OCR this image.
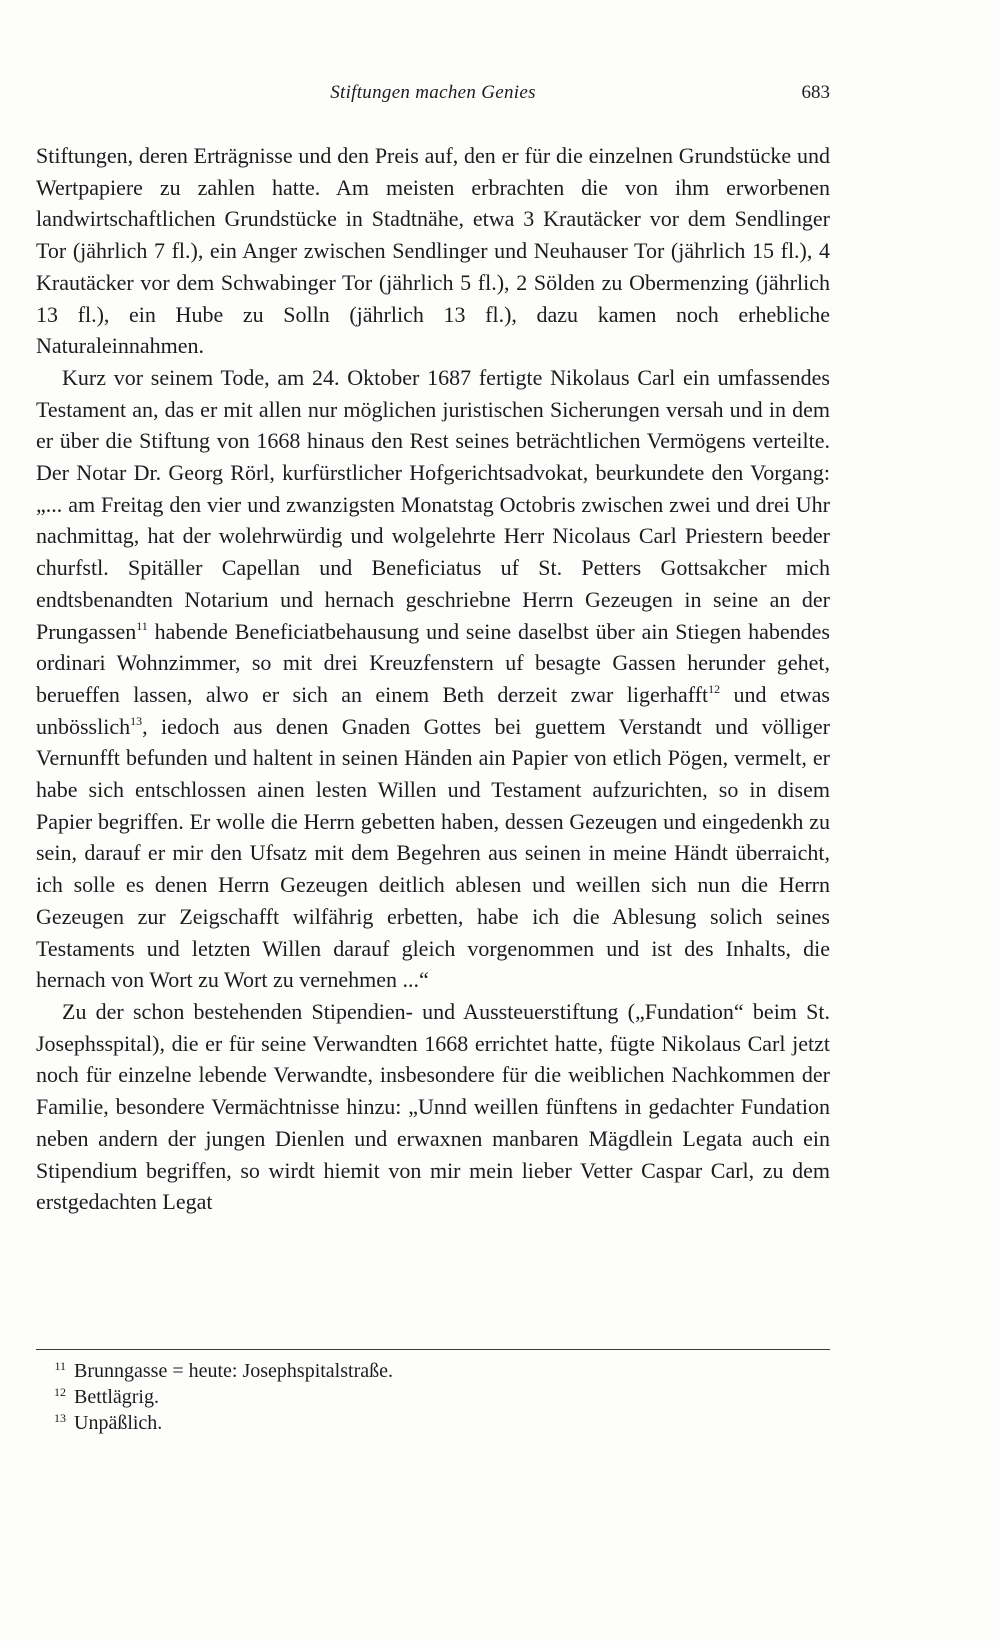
Stiftungen machen Genies	683

Stiftungen, deren Erträgnisse und den Preis auf, den er für die einzelnen Grundstücke und Wertpapiere zu zahlen hatte. Am meisten erbrachten die von ihm erworbenen landwirtschaftlichen Grundstücke in Stadtnähe, etwa 3 Krautäcker vor dem Sendlinger Tor (jährlich 7 fl.), ein Anger zwischen Sendlinger und Neuhauser Tor (jährlich 15 fl.), 4 Krautäcker vor dem Schwabinger Tor (jährlich 5 fl.), 2 Sölden zu Obermenzing (jährlich 13 fl.), ein Hube zu Solln (jährlich 13 fl.), dazu kamen noch erhebliche Naturaleinnahmen.

Kurz vor seinem Tode, am 24. Oktober 1687 fertigte Nikolaus Carl ein umfassendes Testament an, das er mit allen nur möglichen juristischen Sicherungen versah und in dem er über die Stiftung von 1668 hinaus den Rest seines beträchtlichen Vermögens verteilte. Der Notar Dr. Georg Rörl, kurfürstlicher Hofgerichtsadvokat, beurkundete den Vorgang: „... am Freitag den vier und zwanzigsten Monatstag Octobris zwischen zwei und drei Uhr nachmittag, hat der wolehrwürdig und wolgelehrte Herr Nicolaus Carl Priestern beeder churfstl. Spitäller Capellan und Beneficiatus uf St. Petters Gottsakcher mich endtsbenandten Notarium und hernach geschriebne Herrn Gezeugen in seine an der Prungassen$^{11}$ habende Beneficiatbehausung und seine daselbst über ain Stiegen habendes ordinari Wohnzimmer, so mit drei Kreuzfenstern uf besagte Gassen herunder gehet, berueffen lassen, alwo er sich an einem Beth derzeit zwar ligerhafft$^{12}$ und etwas unbösslich$^{13}$, iedoch aus denen Gnaden Gottes bei guettem Verstandt und völliger Vernunfft befunden und haltent in seinen Händen ain Papier von etlich Pögen, vermelt, er habe sich entschlossen ainen lesten Willen und Testament aufzurichten, so in disem Papier begriffen. Er wolle die Herrn gebetten haben, dessen Gezeugen und eingedenkh zu sein, darauf er mir den Ufsatz mit dem Begehren aus seinen in meine Händt überraicht, ich solle es denen Herrn Gezeugen deitlich ablesen und weillen sich nun die Herrn Gezeugen zur Zeigschafft wilfährig erbetten, habe ich die Ablesung solich seines Testaments und letzten Willen darauf gleich vorgenommen und ist des Inhalts, die hernach von Wort zu Wort zu vernehmen ...“

Zu der schon bestehenden Stipendien- und Aussteuerstiftung („Fundation“ beim St. Josephsspital), die er für seine Verwandten 1668 errichtet hatte, fügte Nikolaus Carl jetzt noch für einzelne lebende Verwandte, insbesondere für die weiblichen Nachkommen der Familie, besondere Vermächtnisse hinzu: „Unnd weillen fünftens in gedachter Fundation neben andern der jungen Dienlen und erwaxnen manbaren Mägdlein Legata auch ein Stipendium begriffen, so wirdt hiemit von mir mein lieber Vetter Caspar Carl, zu dem erstgedachten Legat

11 Brunngasse = heute: Josephspitalstraße.
12 Bettlägrig.
13 Unpäßlich.
